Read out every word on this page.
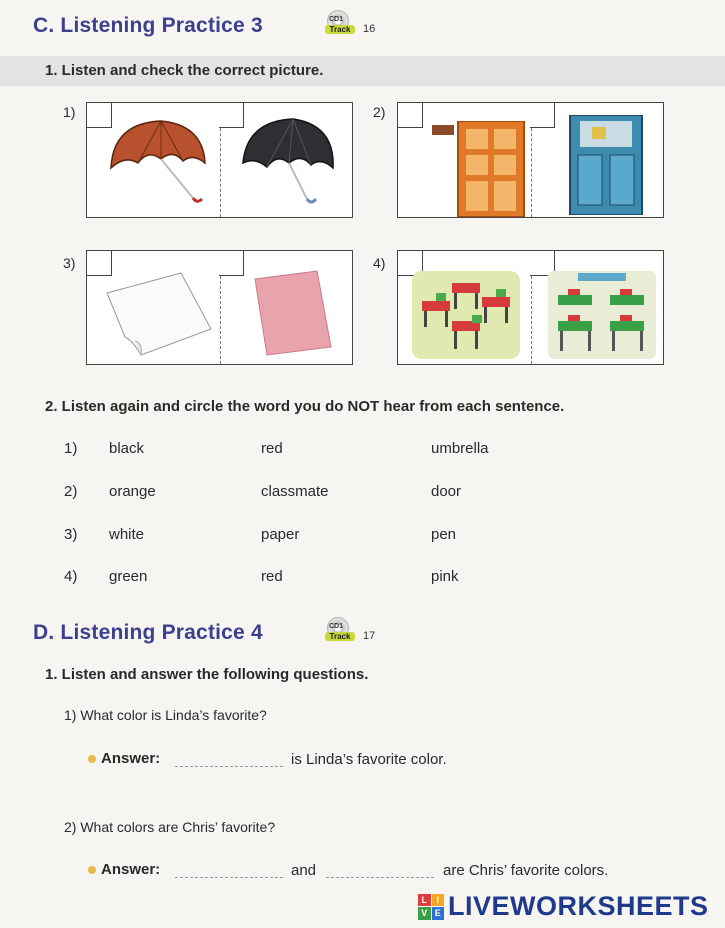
C. Listening Practice 3	CD1
Track	16
1. Listen and check the correct picture.
1)	2)
3)	4)
2. Listen again and circle the word you do NOT hear from each sentence.
1) black	red	umbrella
2) orange	classmate	door
3) white	paper	pen
4) green	red	pink
D. Listening Practice 4	CD1
Track	17
1. Listen and answer the following questions.
1) What color is Linda’s favorite?
Answer:	is Linda’s favorite color.
2) What colors are Chris’ favorite?
Answer:	and	are Chris’ favorite colors.
L	I
V E LIVEWORKSHEETS
